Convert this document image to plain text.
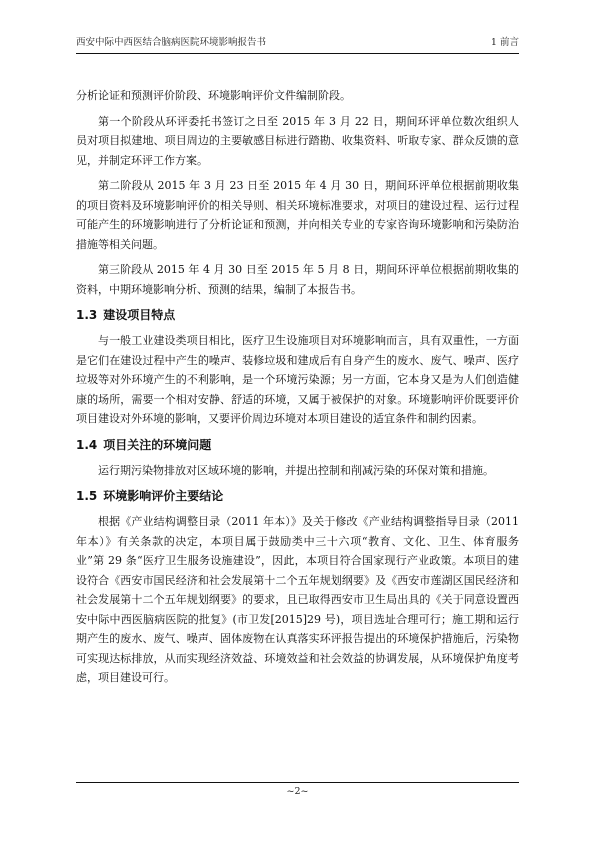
西安中际中西医结合脑病医院环境影响报告书	1 前言

分析论证和预测评价阶段、环境影响评价文件编制阶段。

第一个阶段从环评委托书签订之日至 2015 年 3 月 22 日，期间环评单位数次组织人员对项目拟建地、项目周边的主要敏感目标进行踏勘、收集资料、听取专家、群众反馈的意见，并制定环评工作方案。

第二阶段从 2015 年 3 月 23 日至 2015 年 4 月 30 日，期间环评单位根据前期收集的项目资料及环境影响评价的相关导则、相关环境标准要求，对项目的建设过程、运行过程可能产生的环境影响进行了分析论证和预测，并向相关专业的专家咨询环境影响和污染防治措施等相关问题。

第三阶段从 2015 年 4 月 30 日至 2015 年 5 月 8 日，期间环评单位根据前期收集的资料，中期环境影响分析、预测的结果，编制了本报告书。

1.3 建设项目特点

与一般工业建设类项目相比，医疗卫生设施项目对环境影响而言，具有双重性，一方面是它们在建设过程中产生的噪声、装修垃圾和建成后有自身产生的废水、废气、噪声、医疗垃圾等对外环境产生的不利影响，是一个环境污染源；另一方面，它本身又是为人们创造健康的场所，需要一个相对安静、舒适的环境，又属于被保护的对象。环境影响评价既要评价项目建设对外环境的影响，又要评价周边环境对本项目建设的适宜条件和制约因素。

1.4 项目关注的环境问题

运行期污染物排放对区域环境的影响，并提出控制和削减污染的环保对策和措施。

1.5 环境影响评价主要结论

根据《产业结构调整目录（2011 年本）》及关于修改《产业结构调整指导目录（2011 年本）》有关条款的决定，本项目属于鼓励类中三十六项“教育、文化、卫生、体育服务业”第 29 条“医疗卫生服务设施建设”，因此，本项目符合国家现行产业政策。本项目的建设符合《西安市国民经济和社会发展第十二个五年规划纲要》及《西安市莲湖区国民经济和社会发展第十二个五年规划纲要》的要求，且已取得西安市卫生局出具的《关于同意设置西安中际中西医脑病医院的批复》(市卫发[2015]29 号)，项目选址合理可行；施工期和运行期产生的废水、废气、噪声、固体废物在认真落实环评报告提出的环境保护措施后，污染物可实现达标排放，从而实现经济效益、环境效益和社会效益的协调发展，从环境保护角度考虑，项目建设可行。

~2~
